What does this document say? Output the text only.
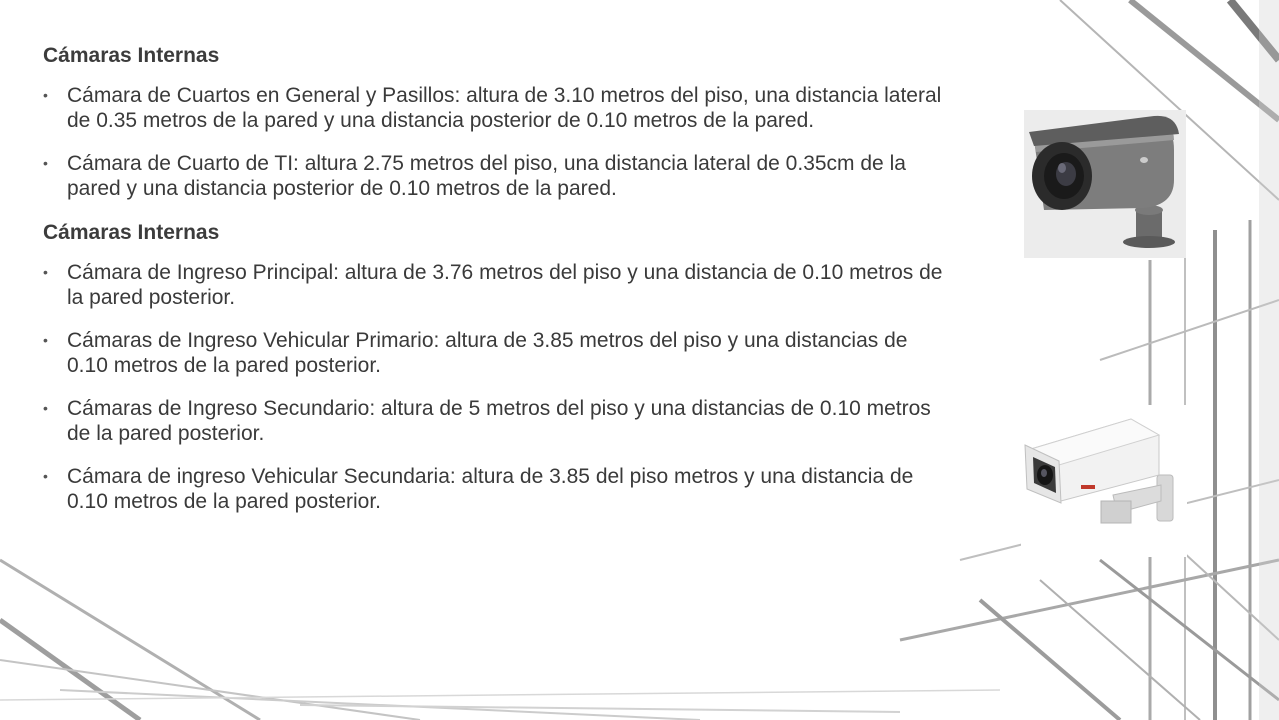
Cámaras Internas
• Cámara de Cuartos en General y Pasillos: altura de 3.10 metros del piso, una distancia lateral de 0.35 metros de la pared y una distancia posterior de 0.10 metros de la pared.
• Cámara de Cuarto de TI: altura 2.75 metros del piso, una distancia lateral de 0.35cm de la pared y una distancia posterior de 0.10 metros de la pared.
Cámaras Internas
• Cámara de Ingreso Principal: altura de 3.76 metros del piso y una distancia de 0.10 metros de la pared posterior.
• Cámaras de Ingreso Vehicular Primario: altura de 3.85 metros del piso y una distancias de 0.10 metros de la pared posterior.
• Cámaras de Ingreso Secundario: altura de 5 metros del piso y una distancias de 0.10 metros de la pared posterior.
• Cámara de ingreso Vehicular Secundaria: altura de 3.85 del piso metros y una distancia de 0.10 metros de la pared posterior.
